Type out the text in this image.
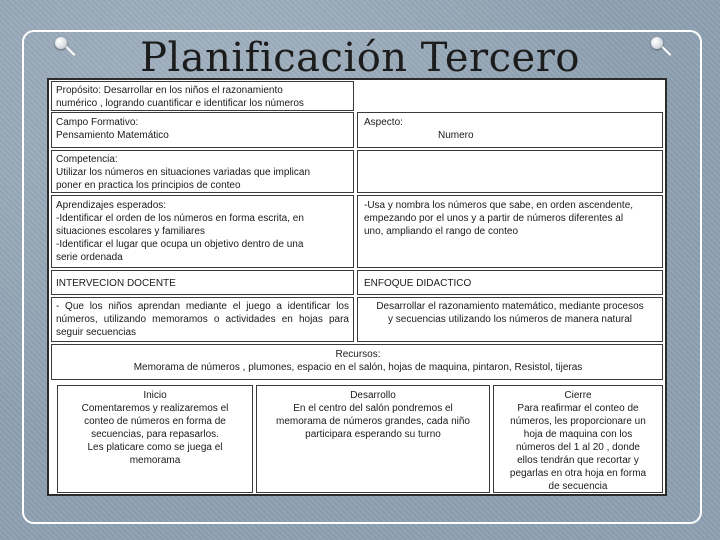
Propósito: Desarrollar en los niños el razonamiento
numérico , logrando cuantificar e identificar los números
Campo Formativo:
Pensamiento Matemático
Aspecto:
Numero
Competencia:
Utilizar los números en situaciones variadas que implican
poner en practica los principios de conteo
Aprendizajes esperados:
-Identificar el orden de los números en forma escrita, en
situaciones escolares y familiares
-Identificar el lugar que ocupa un objetivo dentro de una
serie ordenada
-Usa y nombra los números que sabe, en orden ascendente,
empezando por el unos y a partir de números diferentes al
uno, ampliando el rango de conteo
INTERVECION DOCENTE	ENFOQUE DIDACTICO
- Que los niños aprendan mediante el juego a identificar los números, utilizando memoramos o actividades en hojas para seguir secuencias
Desarrollar el razonamiento matemático, mediante procesos
y secuencias utilizando los números de manera natural
Recursos:
Memorama de números , plumones, espacio en el salón, hojas de maquina, pintaron, Resistol, tijeras
Inicio
Comentaremos y realizaremos el
conteo de números en forma de
secuencias, para repasarlos.
Les platicare como se juega el
memorama
Desarrollo
En el centro del salón pondremos el
memorama de números grandes, cada niño
participara esperando su turno
Cierre
Para reafirmar el conteo de
números, les proporcionare un
hoja de maquina con los
números del 1 al 20 , donde
ellos tendrán que recortar y
pegarlas en otra hoja en forma
de secuencia
Planificación Tercero
